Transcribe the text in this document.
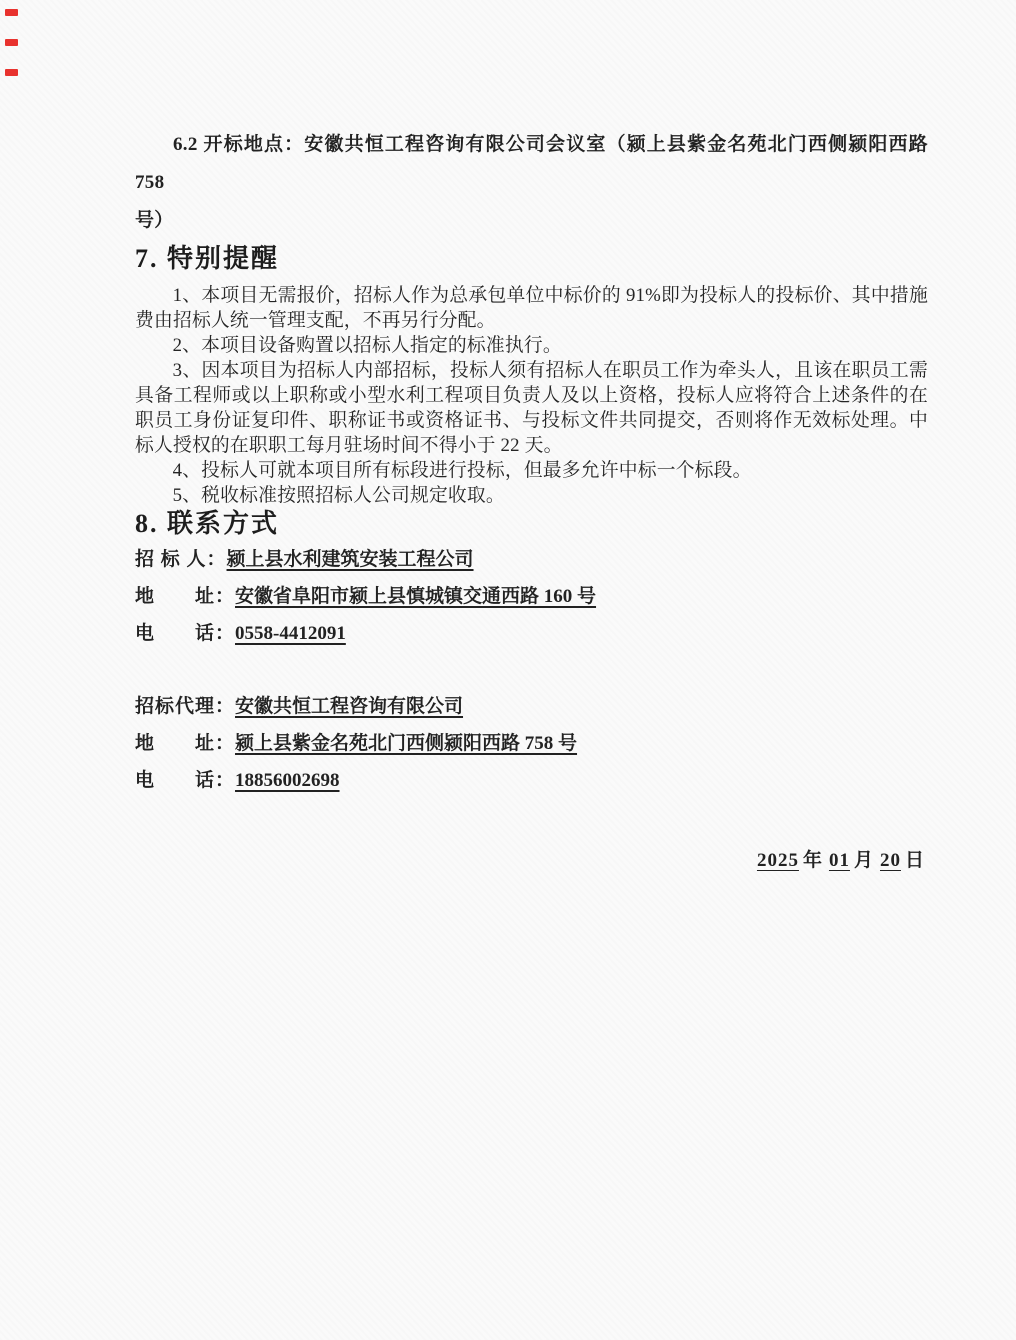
6.2 开标地点：安徽共恒工程咨询有限公司会议室（颍上县紫金名苑北门西侧颍阳西路 758
号）

7. 特别提醒

1、本项目无需报价，招标人作为总承包单位中标价的 91%即为投标人的投标价、其中措施费由招标人统一管理支配，不再另行分配。

2、本项目设备购置以招标人指定的标准执行。

3、因本项目为招标人内部招标，投标人须有招标人在职员工作为牵头人，且该在职员工需具备工程师或以上职称或小型水利工程项目负责人及以上资格，投标人应将符合上述条件的在职员工身份证复印件、职称证书或资格证书、与投标文件共同提交，否则将作无效标处理。中标人授权的在职职工每月驻场时间不得小于 22 天。

4、投标人可就本项目所有标段进行投标，但最多允许中标一个标段。

5、税收标准按照招标人公司规定收取。

8. 联系方式
招 标 人：颍上县水利建筑安装工程公司
地　　址：安徽省阜阳市颍上县慎城镇交通西路 160 号
电　　话：0558-4412091
招标代理：安徽共恒工程咨询有限公司
地　　址：颍上县紫金名苑北门西侧颍阳西路 758 号
电　　话：18856002698
2025 年 01 月 20 日
